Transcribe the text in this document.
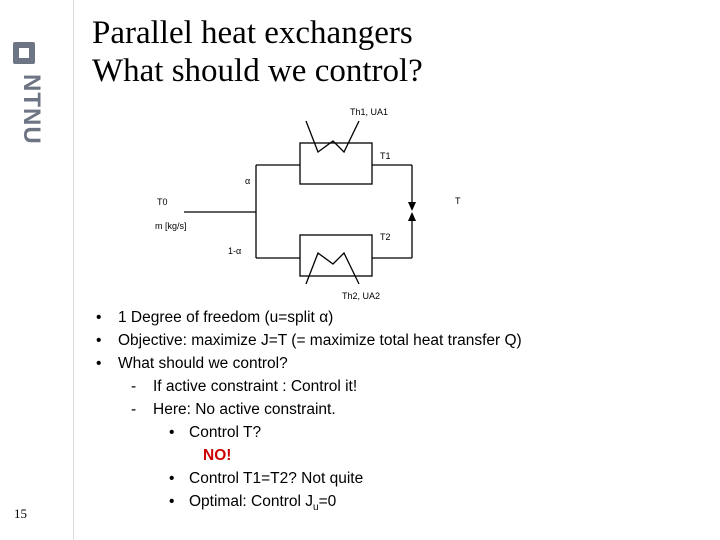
NTNU
15
Parallel heat exchangers
What should we control?
Th1, UA1
T1
α
T0	T
m [kg/s]
T2
1-α
Th2, UA2
• 1 Degree of freedom (u=split α)
• Objective: maximize J=T (= maximize total heat transfer Q)
• What should we control?
- If active constraint : Control it!
- Here: No active constraint.
• Control T?
NO!
• Control T1=T2? Not quite
• Optimal: Control $J_u=0$
